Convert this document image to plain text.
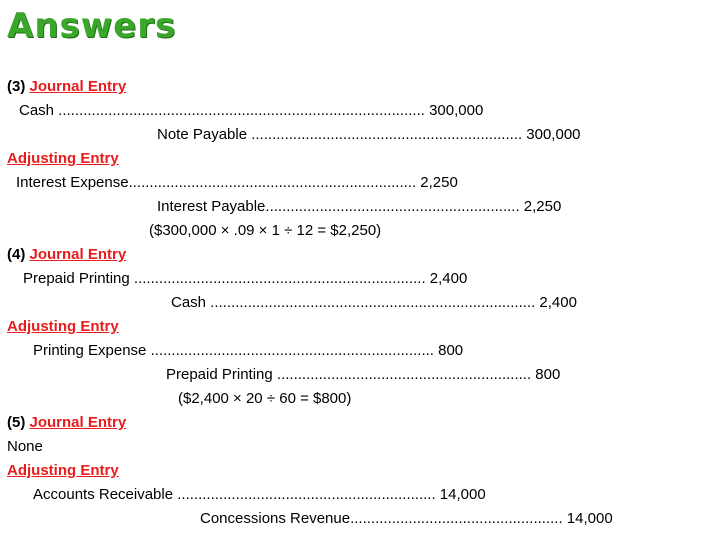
Answers
(3) Journal Entry
Cash ........................................................................................ 300,000
Note Payable ................................................................. 300,000
Adjusting Entry
Interest Expense..................................................................... 2,250
Interest Payable............................................................. 2,250
($300,000 × .09 × 1 ÷ 12 = $2,250)
(4) Journal Entry
Prepaid Printing ...................................................................... 2,400
Cash .............................................................................. 2,400
Adjusting Entry
Printing Expense .................................................................... 800
Prepaid Printing ............................................................. 800
($2,400 × 20 ÷ 60 = $800)
(5) Journal Entry
None
Adjusting Entry
Accounts Receivable .............................................................. 14,000
Concessions Revenue................................................... 14,000
